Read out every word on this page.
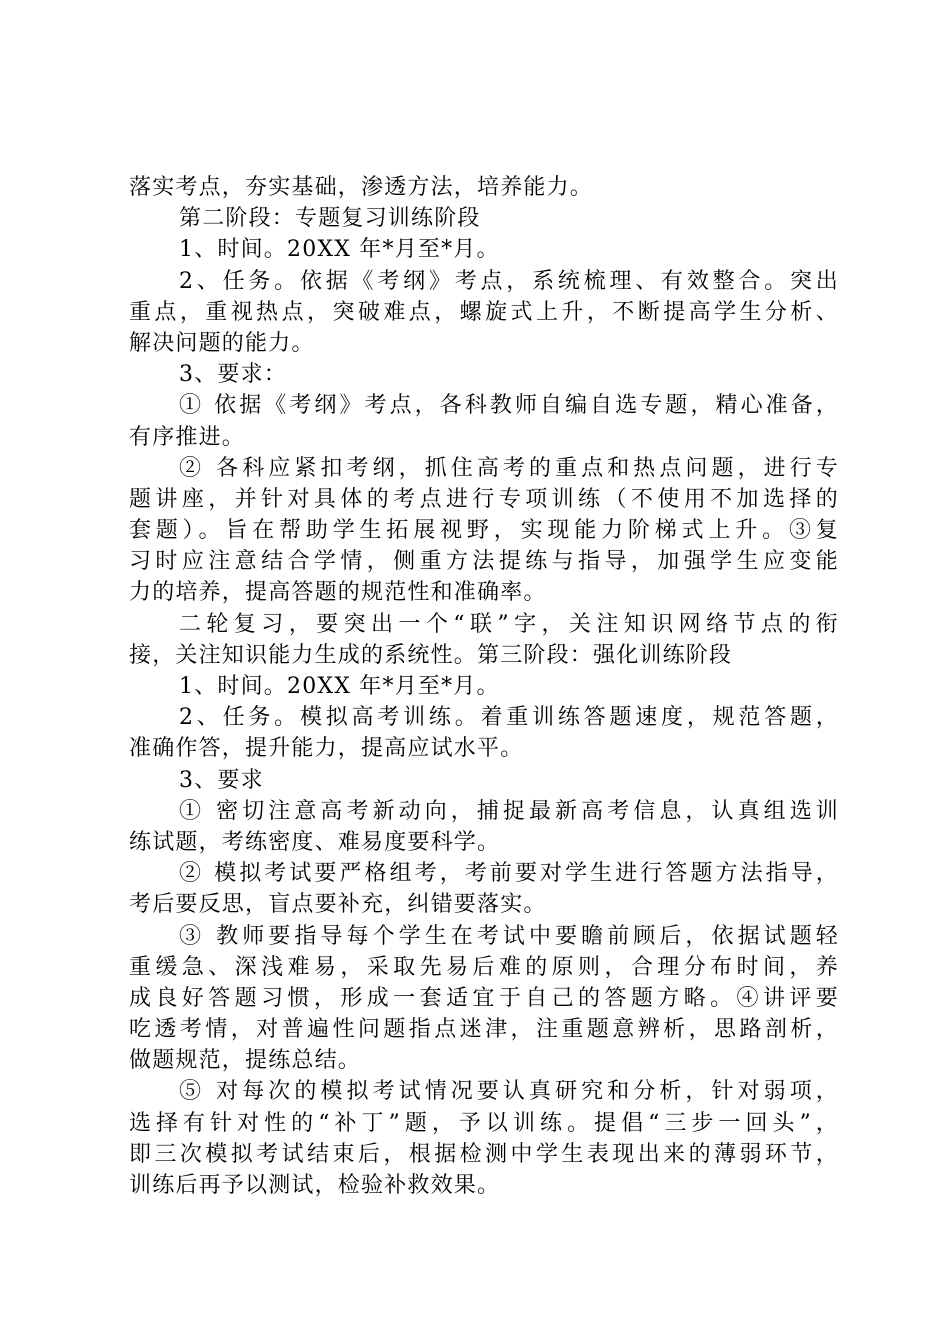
落实考点，夯实基础，渗透方法，培养能力。
第二阶段：专题复习训练阶段
1、时间。20XX 年*月至*月。
2、任务。依据《考纲》考点，系统梳理、有效整合。突出
重点，重视热点，突破难点，螺旋式上升，不断提高学生分析、
解决问题的能力。
3、要求：
① 依据《考纲》考点，各科教师自编自选专题，精心准备，
有序推进。
② 各科应紧扣考纲，抓住高考的重点和热点问题，进行专
题讲座，并针对具体的考点进行专项训练（不使用不加选择的
套题）。旨在帮助学生拓展视野，实现能力阶梯式上升。③复
习时应注意结合学情，侧重方法提练与指导，加强学生应变能
力的培养，提高答题的规范性和准确率。
二轮复习，要突出一个“联”字，关注知识网络节点的衔
接，关注知识能力生成的系统性。第三阶段：强化训练阶段
1、时间。20XX 年*月至*月。
2、任务。模拟高考训练。着重训练答题速度，规范答题，
准确作答，提升能力，提高应试水平。
3、要求
① 密切注意高考新动向，捕捉最新高考信息，认真组选训
练试题，考练密度、难易度要科学。
② 模拟考试要严格组考，考前要对学生进行答题方法指导，
考后要反思，盲点要补充，纠错要落实。
③ 教师要指导每个学生在考试中要瞻前顾后，依据试题轻
重缓急、深浅难易，采取先易后难的原则，合理分布时间，养
成良好答题习惯，形成一套适宜于自己的答题方略。④讲评要
吃透考情，对普遍性问题指点迷津，注重题意辨析，思路剖析，
做题规范，提练总结。
⑤ 对每次的模拟考试情况要认真研究和分析，针对弱项，
选择有针对性的“补丁”题，予以训练。提倡“三步一回头”，
即三次模拟考试结束后，根据检测中学生表现出来的薄弱环节，
训练后再予以测试，检验补救效果。
